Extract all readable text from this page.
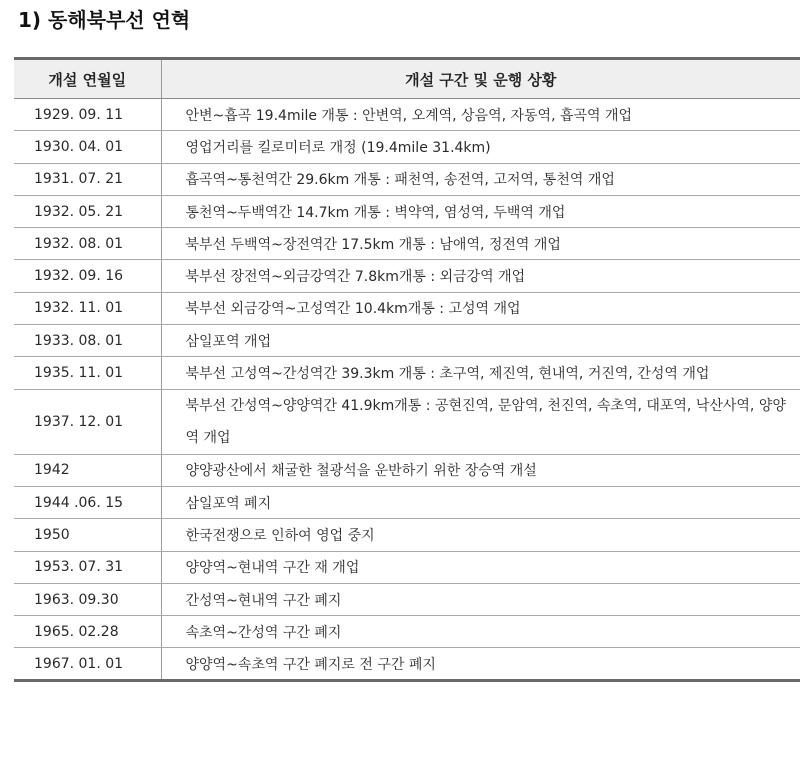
1) 동해북부선 연혁
개설 연월일	개설 구간 및 운행 상황
1929. 09. 11	안변~흡곡 19.4mile 개통 : 안변역, 오계역, 상음역, 자동역, 흡곡역 개업
1930. 04. 01	영업거리를 킬로미터로 개정 (19.4mile 31.4km)
1931. 07. 21	흡곡역~통천역간 29.6km 개통 : 패천역, 송전역, 고저역, 통천역 개업
1932. 05. 21	통천역~두백역간 14.7km 개통 : 벽약역, 염성역, 두백역 개업
1932. 08. 01	북부선 두백역~장전역간 17.5km 개통 : 남애역, 정전역 개업
1932. 09. 16	북부선 장전역~외금강역간 7.8km개통 : 외금강역 개업
1932. 11. 01	북부선 외금강역~고성역간 10.4km개통 : 고성역 개업
1933. 08. 01	삼일포역 개업
1935. 11. 01	북부선 고성역~간성역간 39.3km 개통 : 초구역, 제진역, 현내역, 거진역, 간성역 개업
1937. 12. 01	북부선 간성역~양양역간 41.9km개통 : 공현진역, 문암역, 천진역, 속초역, 대포역, 낙산사역, 양양역 개업
1942	양양광산에서 채굴한 철광석을 운반하기 위한 장승역 개설
1944 .06. 15	삼일포역 폐지
1950	한국전쟁으로 인하여 영업 중지
1953. 07. 31	양양역~현내역 구간 재 개업
1963. 09.30	간성역~현내역 구간 폐지
1965. 02.28	속초역~간성역 구간 폐지
1967. 01. 01	양양역~속초역 구간 폐지로 전 구간 폐지
